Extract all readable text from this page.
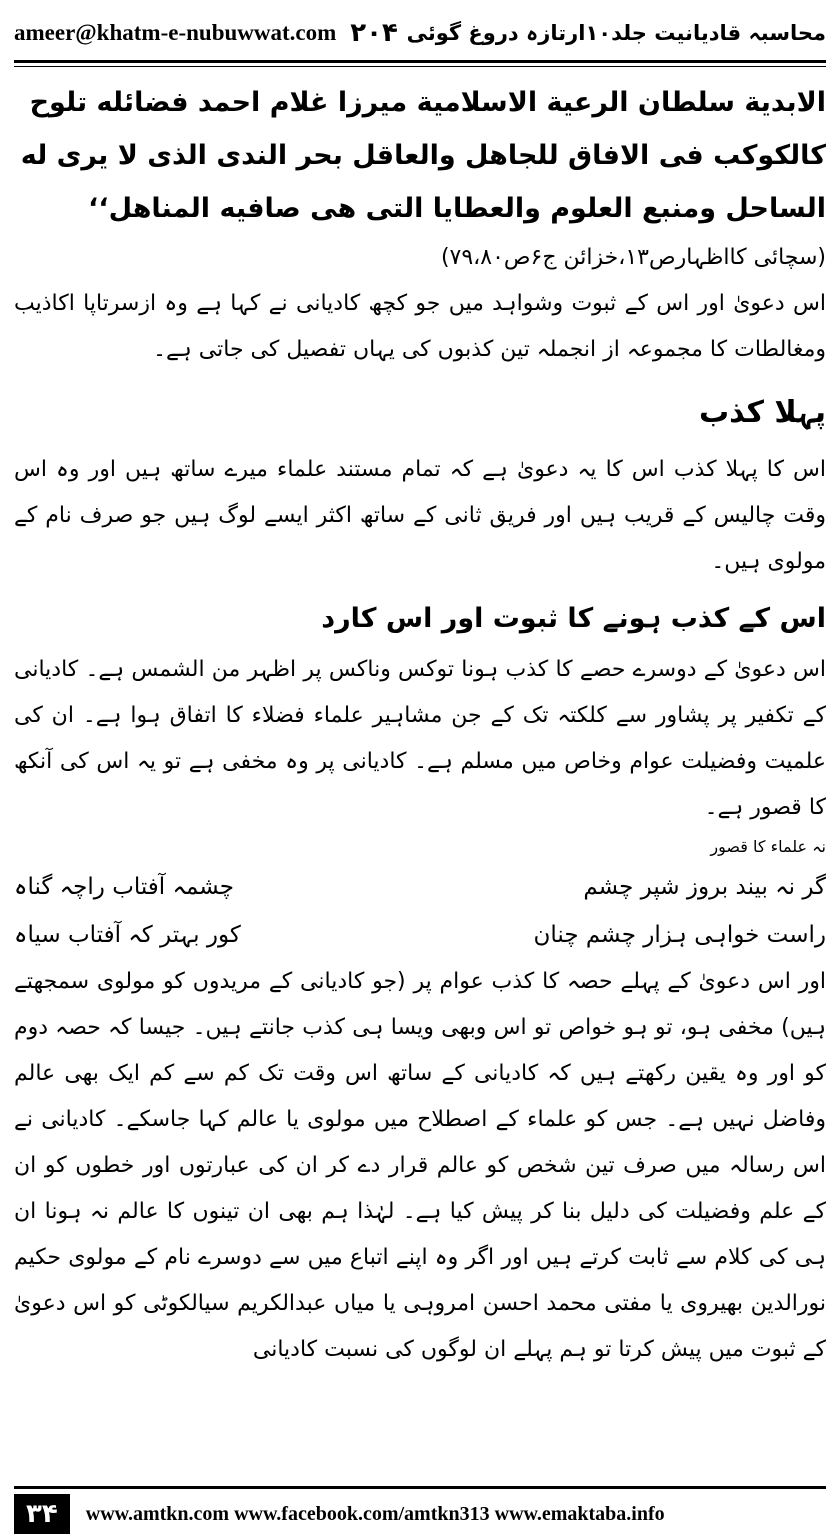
ameer@khatm-e-nubuwwat.com ۲۰۴ محاسبہ قادیانیت جلد۱۰ارتازہ دروغ گوئی

الابدیة سلطان الرعیة الاسلامیة میرزا غلام احمد فضائله تلوح

کالکوکب فی الافاق للجاهل والعاقل بحر الندی الذی لا یری له

الساحل ومنبع العلوم والعطایا التی هی صافیه المناهل‘‘

(سچائی کااظہارص۱۳،خزائن ج۶ص۷۹،۸۰)

اس دعویٰ اور اس کے ثبوت وشواہد میں جو کچھ کادیانی نے کہا ہے وہ ازسرتاپا اکاذیب ومغالطات کا مجموعہ از انجملہ تین کذبوں کی یہاں تفصیل کی جاتی ہے۔

پہلا کذب

اس کا پہلا کذب اس کا یہ دعویٰ ہے کہ تمام مستند علماء میرے ساتھ ہیں اور وہ اس وقت چالیس کے قریب ہیں اور فریق ثانی کے ساتھ اکثر ایسے لوگ ہیں جو صرف نام کے مولوی ہیں۔

اس کے کذب ہونے کا ثبوت اور اس کارد

اس دعویٰ کے دوسرے حصے کا کذب ہونا توکس وناکس پر اظہر من الشمس ہے۔ کادیانی کے تکفیر پر پشاور سے کلکتہ تک کے جن مشاہیر علماء فضلاء کا اتفاق ہوا ہے۔ ان کی علمیت وفضیلت عوام وخاص میں مسلم ہے۔ کادیانی پر وہ مخفی ہے تو یہ اس کی آنکھ کا قصور ہے۔

نہ علماء کا قصور

گر نہ بیند بروز شپر چشم
چشمہ آفتاب راچہ گناہ
راست خواہی ہزار چشم چنان
کور بہتر کہ آفتاب سیاہ

اور اس دعویٰ کے پہلے حصہ کا کذب عوام پر (جو کادیانی کے مریدوں کو مولوی سمجھتے ہیں) مخفی ہو، تو ہو خواص تو اس وبھی ویسا ہی کذب جانتے ہیں۔ جیسا کہ حصہ دوم کو اور وہ یقین رکھتے ہیں کہ کادیانی کے ساتھ اس وقت تک کم سے کم ایک بھی عالم وفاضل نہیں ہے۔ جس کو علماء کے اصطلاح میں مولوی یا عالم کہا جاسکے۔ کادیانی نے اس رسالہ میں صرف تین شخص کو عالم قرار دے کر ان کی عبارتوں اور خطوں کو ان کے علم وفضیلت کی دلیل بنا کر پیش کیا ہے۔ لہٰذا ہم بھی ان تینوں کا عالم نہ ہونا ان ہی کی کلام سے ثابت کرتے ہیں اور اگر وہ اپنے اتباع میں سے دوسرے نام کے مولوی حکیم نورالدین بھیروی یا مفتی محمد احسن امروہی یا میاں عبدالکریم سیالکوٹی کو اس دعویٰ کے ثبوت میں پیش کرتا تو ہم پہلے ان لوگوں کی نسبت کادیانی

۳۴	www.amtkn.com www.facebook.com/amtkn313 www.emaktaba.info
